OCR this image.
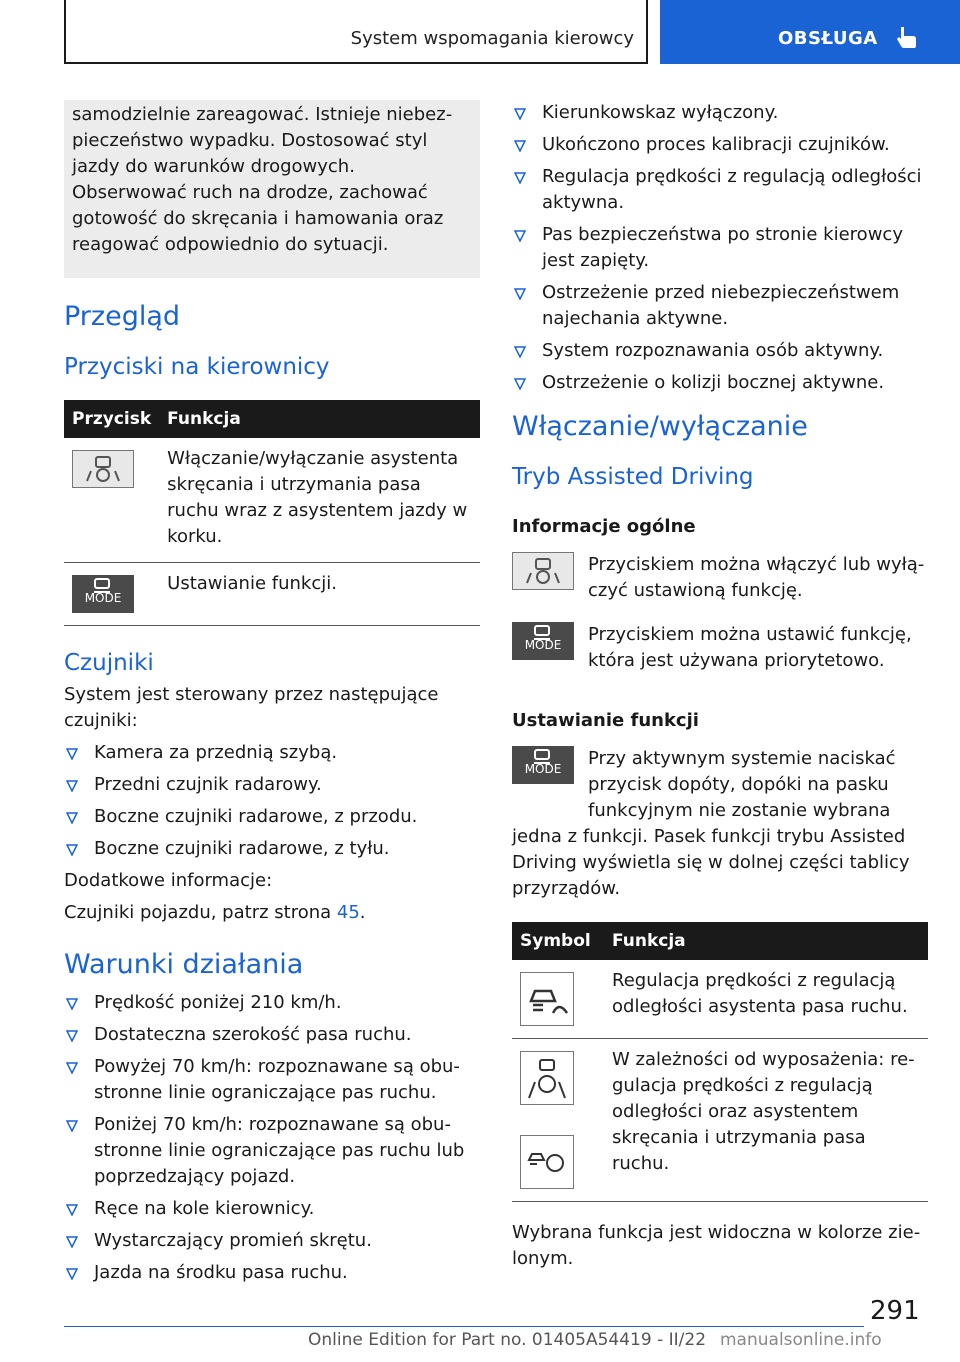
System wspomagania kierowcy	OBSŁUGA

samodzielnie zareagować. Istnieje niebezpieczeństwo wypadku. Dostosować styl jazdy do warunków drogowych. Obserwować ruch na drodze, zachować gotowość do skręcania i hamowania oraz reagować odpowiednio do sytuacji.

Przegląd
Przyciski na kierownicy
Przycisk	Funkcja

	Włączanie/wyłączanie asystenta skręcania i utrzymania pasa ruchu wraz z asystentem jazdy w korku.

MODE	Ustawianie funkcji.
Czujniki

System jest sterowany przez następujące czujniki:

Kamera za przednią szybą.
Przedni czujnik radarowy.
Boczne czujniki radarowe, z przodu.
Boczne czujniki radarowe, z tyłu.

Dodatkowe informacje:

Czujniki pojazdu, patrz strona 45.

Warunki działania
Prędkość poniżej 210 km/h.
Dostateczna szerokość pasa ruchu.
Powyżej 70 km/h: rozpoznawane są obustronne linie ograniczające pas ruchu.
Poniżej 70 km/h: rozpoznawane są obustronne linie ograniczające pas ruchu lub poprzedzający pojazd.
Ręce na kole kierownicy.
Wystarczający promień skrętu.
Jazda na środku pasa ruchu.
Kierunkowskaz wyłączony.
Ukończono proces kalibracji czujników.
Regulacja prędkości z regulacją odległości aktywna.
Pas bezpieczeństwa po stronie kierowcy jest zapięty.
Ostrzeżenie przed niebezpieczeństwem najechania aktywne.
System rozpoznawania osób aktywny.
Ostrzeżenie o kolizji bocznej aktywne.
Włączanie/wyłączanie
Tryb Assisted Driving
Informacje ogólne
Przyciskiem można włączyć lub wyłączyć ustawioną funkcję.
MODE	Przyciskiem można ustawić funkcję, która jest używana priorytetowo.
Ustawianie funkcji
MODE	Przy aktywnym systemie naciskać przycisk dopóty, dopóki na pasku funkcyjnym nie zostanie wybrana

jedna z funkcji. Pasek funkcji trybu Assisted Driving wyświetla się w dolnej części tablicy przyrządów.

Symbol	Funkcja

	Regulacja prędkości z regulacją odległości asystenta pasa ruchu.

	W zależności od wyposażenia: regulacja prędkości z regulacją odległości oraz asystentem skręcania i utrzymania pasa ruchu.

Wybrana funkcja jest widoczna w kolorze zielonym.

291
Online Edition for Part no. 01405A54419 - II/22 manualsonline.info
